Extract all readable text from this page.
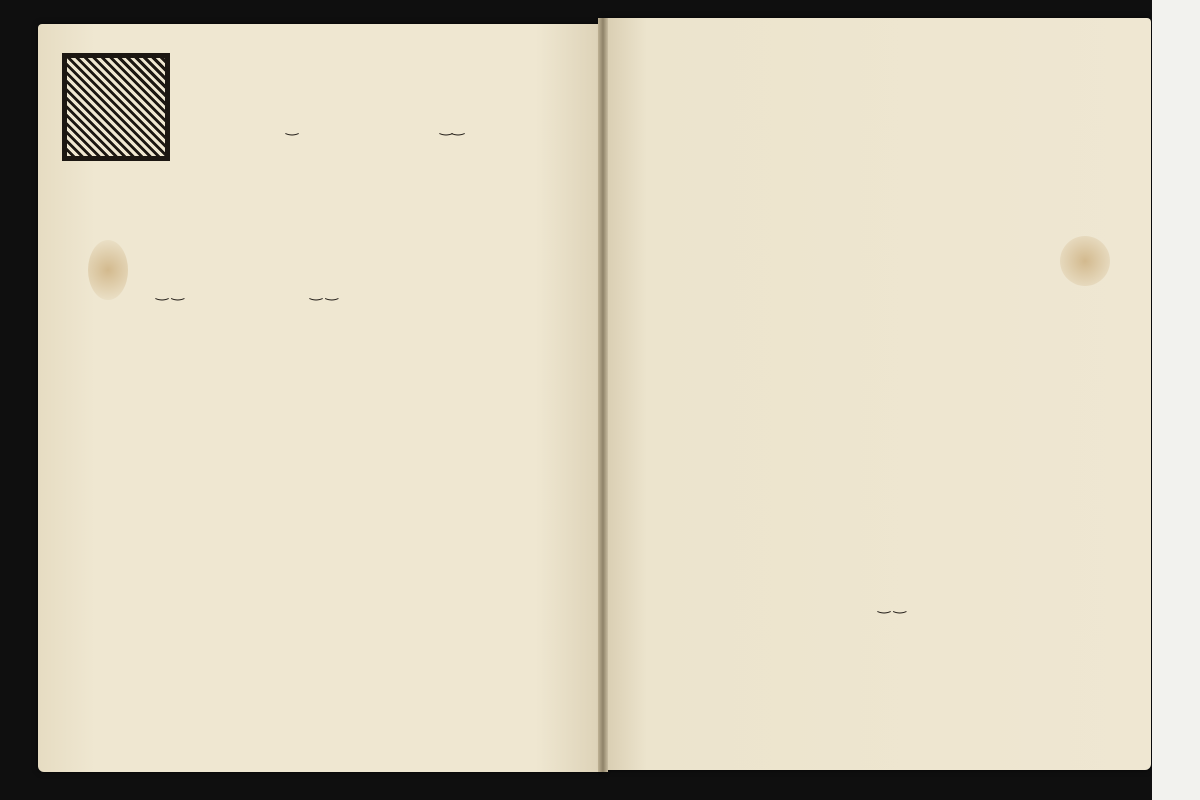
‿	‿‿
‿ ‿	‿ ‿
‿ ‿
